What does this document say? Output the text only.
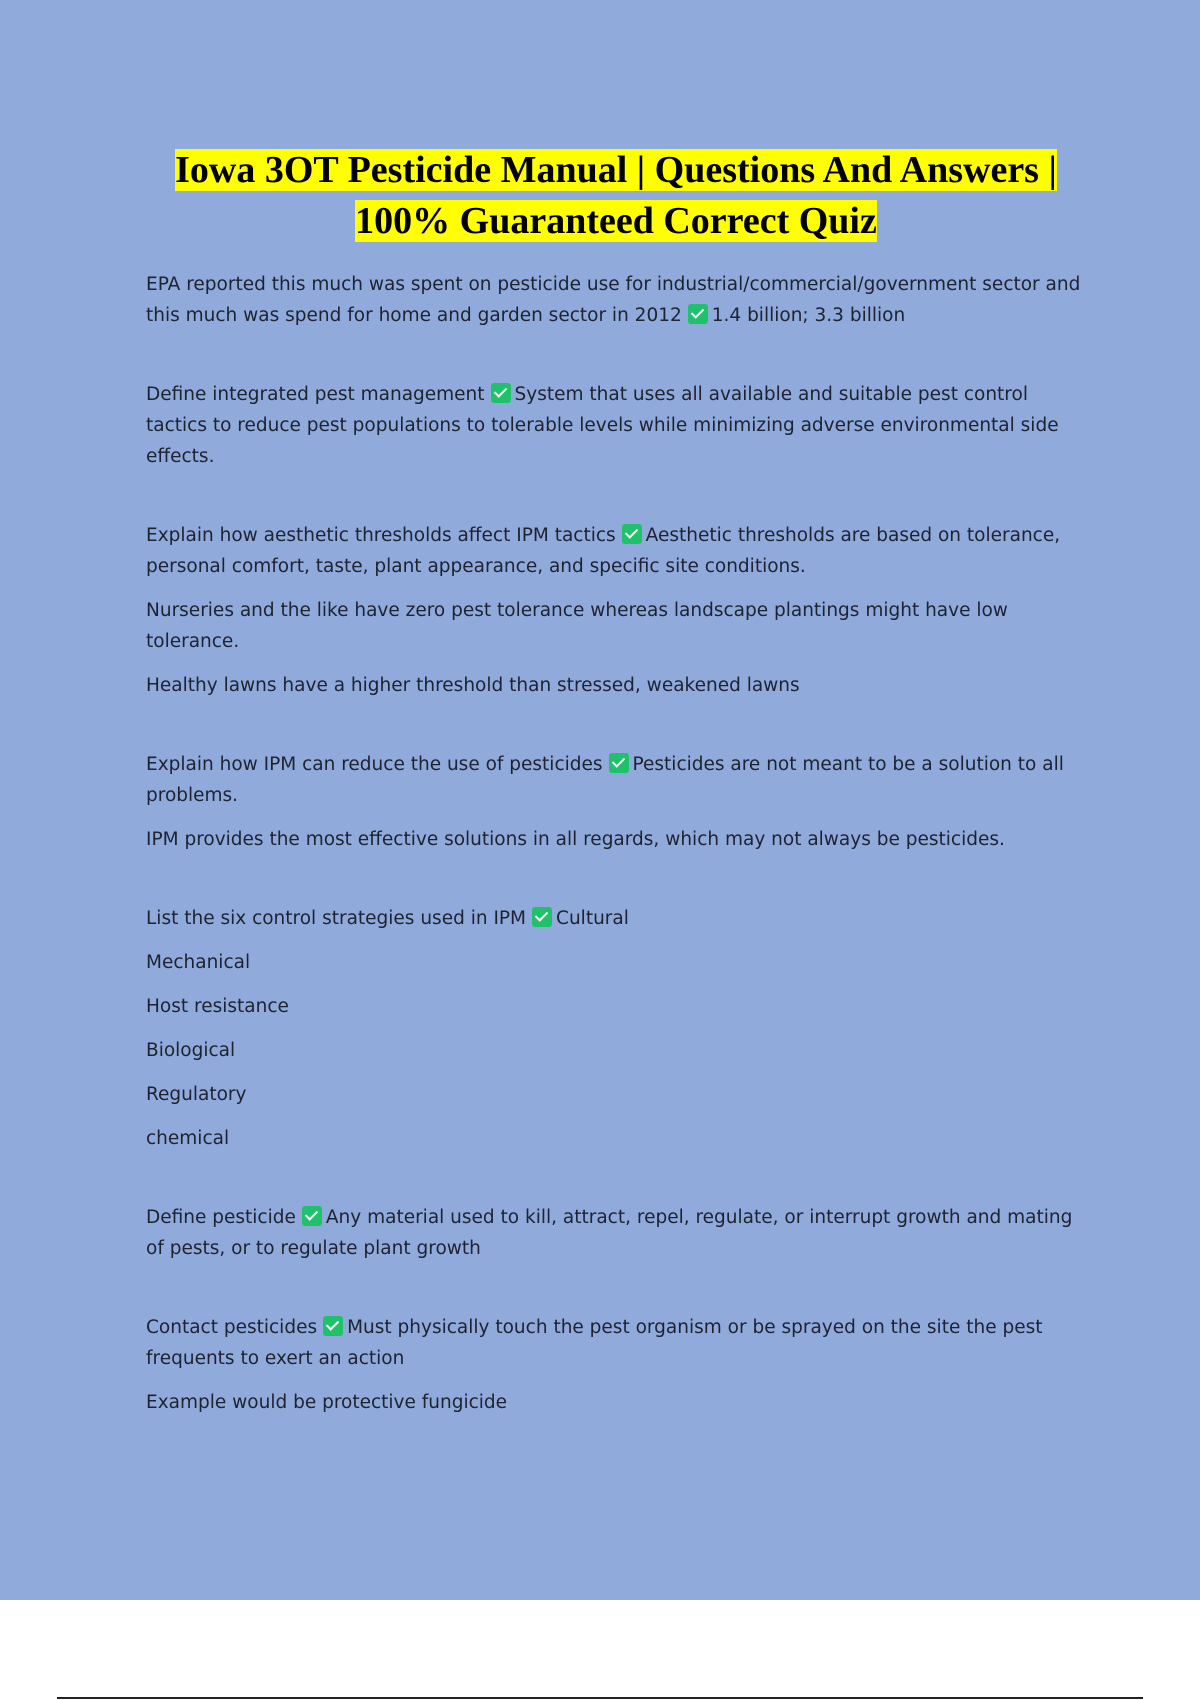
Iowa 3OT Pesticide Manual | Questions And Answers |
100% Guaranteed Correct Quiz

EPA reported this much was spent on pesticide use for industrial/commercial/government sector and this much was spend for home and garden sector in 2012 1.4 billion; 3.3 billion

Define integrated pest management System that uses all available and suitable pest control tactics to reduce pest populations to tolerable levels while minimizing adverse environmental side effects.

Explain how aesthetic thresholds affect IPM tactics Aesthetic thresholds are based on tolerance, personal comfort, taste, plant appearance, and specific site conditions.

Nurseries and the like have zero pest tolerance whereas landscape plantings might have low tolerance.

Healthy lawns have a higher threshold than stressed, weakened lawns

Explain how IPM can reduce the use of pesticides Pesticides are not meant to be a solution to all problems.

IPM provides the most effective solutions in all regards, which may not always be pesticides.

List the six control strategies used in IPM Cultural

Mechanical

Host resistance

Biological

Regulatory

chemical

Define pesticide Any material used to kill, attract, repel, regulate, or interrupt growth and mating of pests, or to regulate plant growth

Contact pesticides Must physically touch the pest organism or be sprayed on the site the pest frequents to exert an action

Example would be protective fungicide
